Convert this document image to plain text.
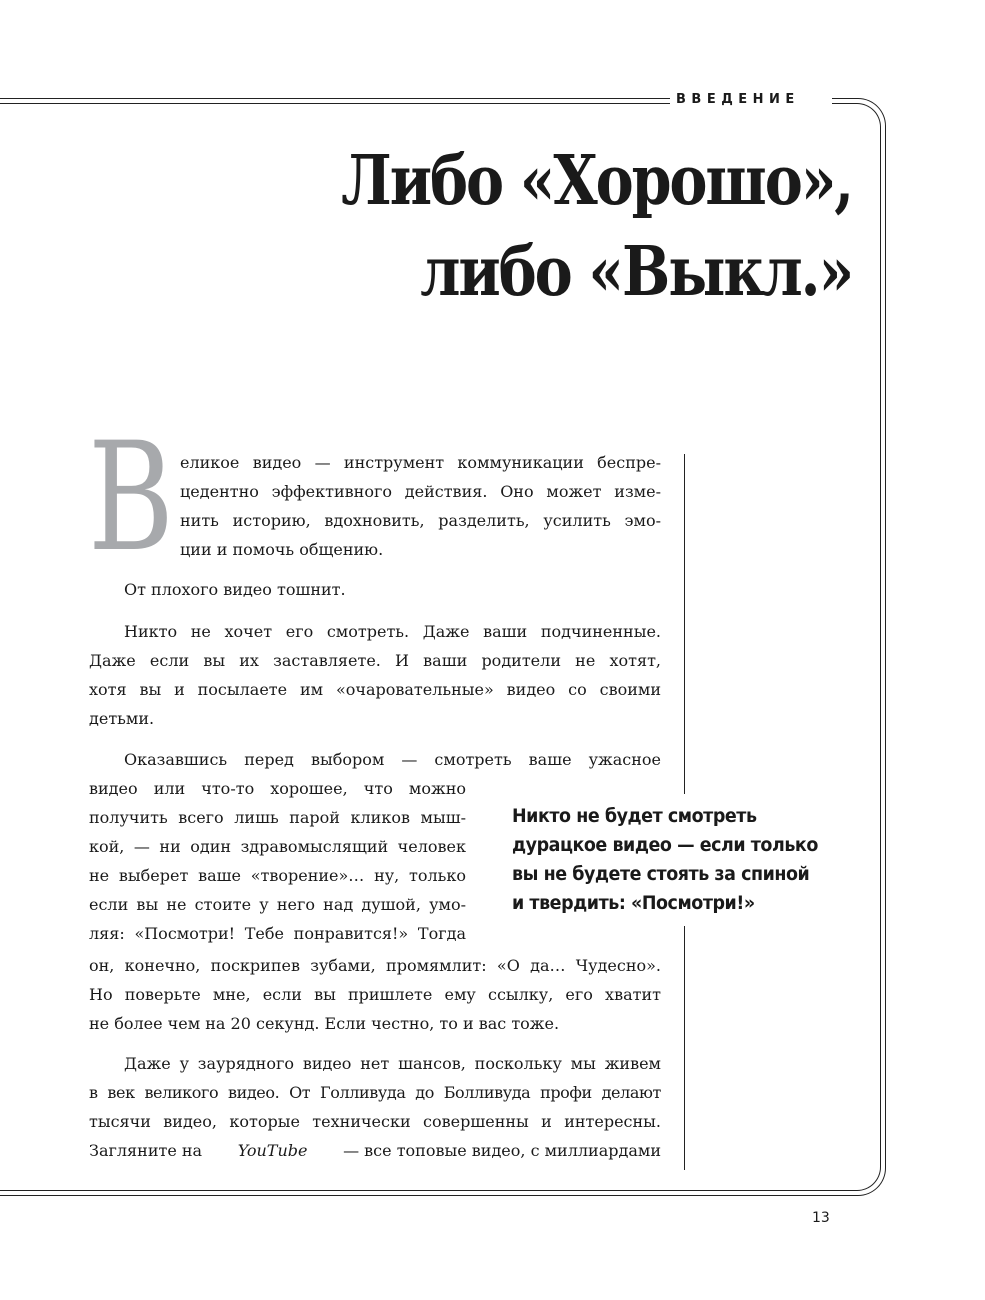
ВВЕДЕНИЕ
Либо «Хорошо»,
либо «Выкл.»
В еликое видео — инструмент коммуникации беспре-
цедентно эффективного действия. Оно может изме-
нить историю, вдохновить, разделить, усилить эмо-
ции и помочь общению.
От плохого видео тошнит.
Никто не хочет его смотреть. Даже ваши подчиненные.
Даже если вы их заставляете. И ваши родители не хотят,
хотя вы и посылаете им «очаровательные» видео со своими
детьми.
Оказавшись перед выбором — смотреть ваше ужасное
видео или что-то хорошее, что можно
получить всего лишь парой кликов мыш-
кой, — ни один здравомыслящий человек
не выберет ваше «творение»… ну, только
если вы не стоите у него над душой, умо-
ляя: «Посмотри! Тебе понравится!» Тогда
он, конечно, поскрипев зубами, промямлит: «О да… Чудесно».
Но поверьте мне, если вы пришлете ему ссылку, его хватит
не более чем на 20 секунд. Если честно, то и вас тоже.
Никто не будет смотреть
дурацкое видео — если только
вы не будете стоять за спиной
и твердить: «Посмотри!»
Даже у заурядного видео нет шансов, поскольку мы живем
в век великого видео. От Голливуда до Болливуда профи делают
тысячи видео, которые технически совершенны и интересны.
Загляните на YouTube — все топовые видео, с миллиардами
13
